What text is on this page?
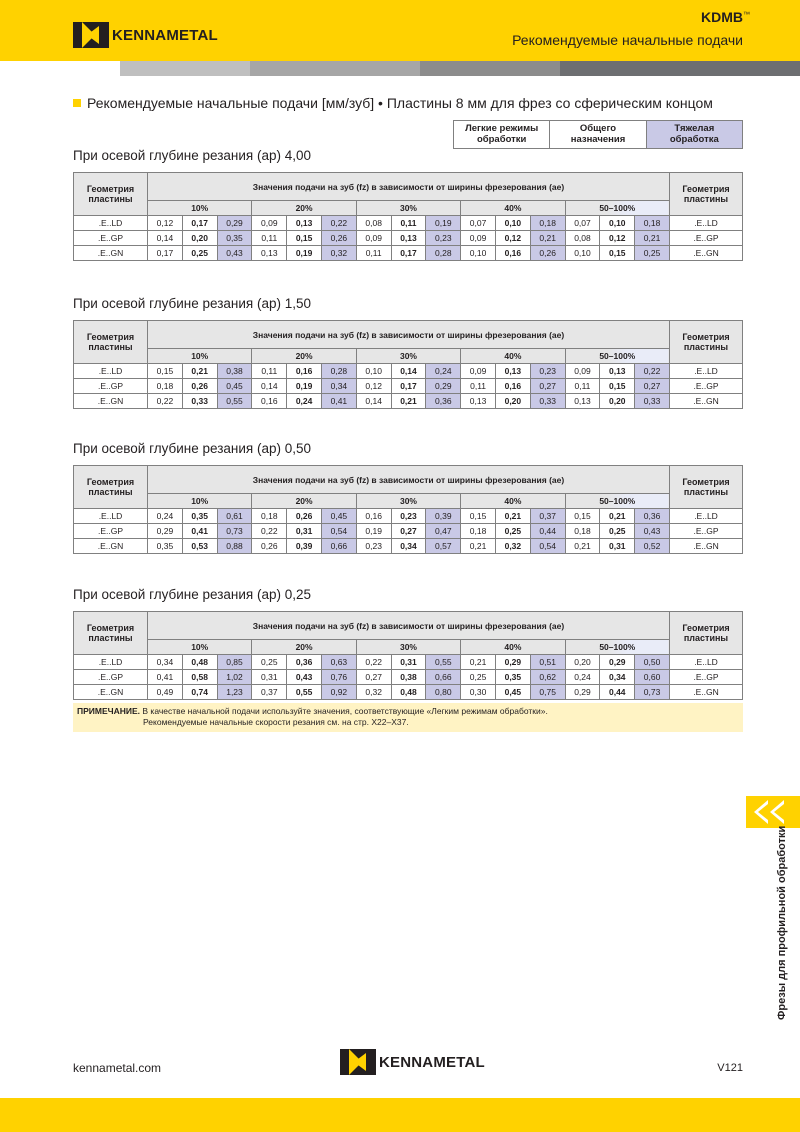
KENNAMETAL
KDMB™
Рекомендуемые начальные подачи
Рекомендуемые начальные подачи [мм/зуб] • Пластины 8 мм для фрез со сферическим концом
Легкие режимы обработки
Общего назначения
Тяжелая обработка
При осевой глубине резания (ap) 4,00
Геометрия пластины	Значения подачи на зуб (fz) в зависимости от ширины фрезерования (ae)															Геометрия пластины
	10%			20%			30%			40%			50–100%			
.E..LD	0,12	0,17	0,29	0,09	0,13	0,22	0,08	0,11	0,19	0,07	0,10	0,18	0,07	0,10	0,18	.E..LD
.E..GP	0,14	0,20	0,35	0,11	0,15	0,26	0,09	0,13	0,23	0,09	0,12	0,21	0,08	0,12	0,21	.E..GP
.E..GN	0,17	0,25	0,43	0,13	0,19	0,32	0,11	0,17	0,28	0,10	0,16	0,26	0,10	0,15	0,25	.E..GN
При осевой глубине резания (ap) 1,50
Геометрия пластины	Значения подачи на зуб (fz) в зависимости от ширины фрезерования (ae)															Геометрия пластины
	10%			20%			30%			40%			50–100%			
.E..LD	0,15	0,21	0,38	0,11	0,16	0,28	0,10	0,14	0,24	0,09	0,13	0,23	0,09	0,13	0,22	.E..LD
.E..GP	0,18	0,26	0,45	0,14	0,19	0,34	0,12	0,17	0,29	0,11	0,16	0,27	0,11	0,15	0,27	.E..GP
.E..GN	0,22	0,33	0,55	0,16	0,24	0,41	0,14	0,21	0,36	0,13	0,20	0,33	0,13	0,20	0,33	.E..GN
При осевой глубине резания (ap) 0,50
Геометрия пластины	Значения подачи на зуб (fz) в зависимости от ширины фрезерования (ae)															Геометрия пластины
	10%			20%			30%			40%			50–100%			
.E..LD	0,24	0,35	0,61	0,18	0,26	0,45	0,16	0,23	0,39	0,15	0,21	0,37	0,15	0,21	0,36	.E..LD
.E..GP	0,29	0,41	0,73	0,22	0,31	0,54	0,19	0,27	0,47	0,18	0,25	0,44	0,18	0,25	0,43	.E..GP
.E..GN	0,35	0,53	0,88	0,26	0,39	0,66	0,23	0,34	0,57	0,21	0,32	0,54	0,21	0,31	0,52	.E..GN
При осевой глубине резания (ap) 0,25
Геометрия пластины	Значения подачи на зуб (fz) в зависимости от ширины фрезерования (ae)															Геометрия пластины
	10%			20%			30%			40%			50–100%			
.E..LD	0,34	0,48	0,85	0,25	0,36	0,63	0,22	0,31	0,55	0,21	0,29	0,51	0,20	0,29	0,50	.E..LD
.E..GP	0,41	0,58	1,02	0,31	0,43	0,76	0,27	0,38	0,66	0,25	0,35	0,62	0,24	0,34	0,60	.E..GP
.E..GN	0,49	0,74	1,23	0,37	0,55	0,92	0,32	0,48	0,80	0,30	0,45	0,75	0,29	0,44	0,73	.E..GN
ПРИМЕЧАНИЕ. В качестве начальной подачи используйте значения, соответствующие «Легким режимам обработки».
Рекомендуемые начальные скорости резания см. на стр. X22–X37.
Фрезы для профильной обработки
kennametal.com	KENNAMETAL	V121
